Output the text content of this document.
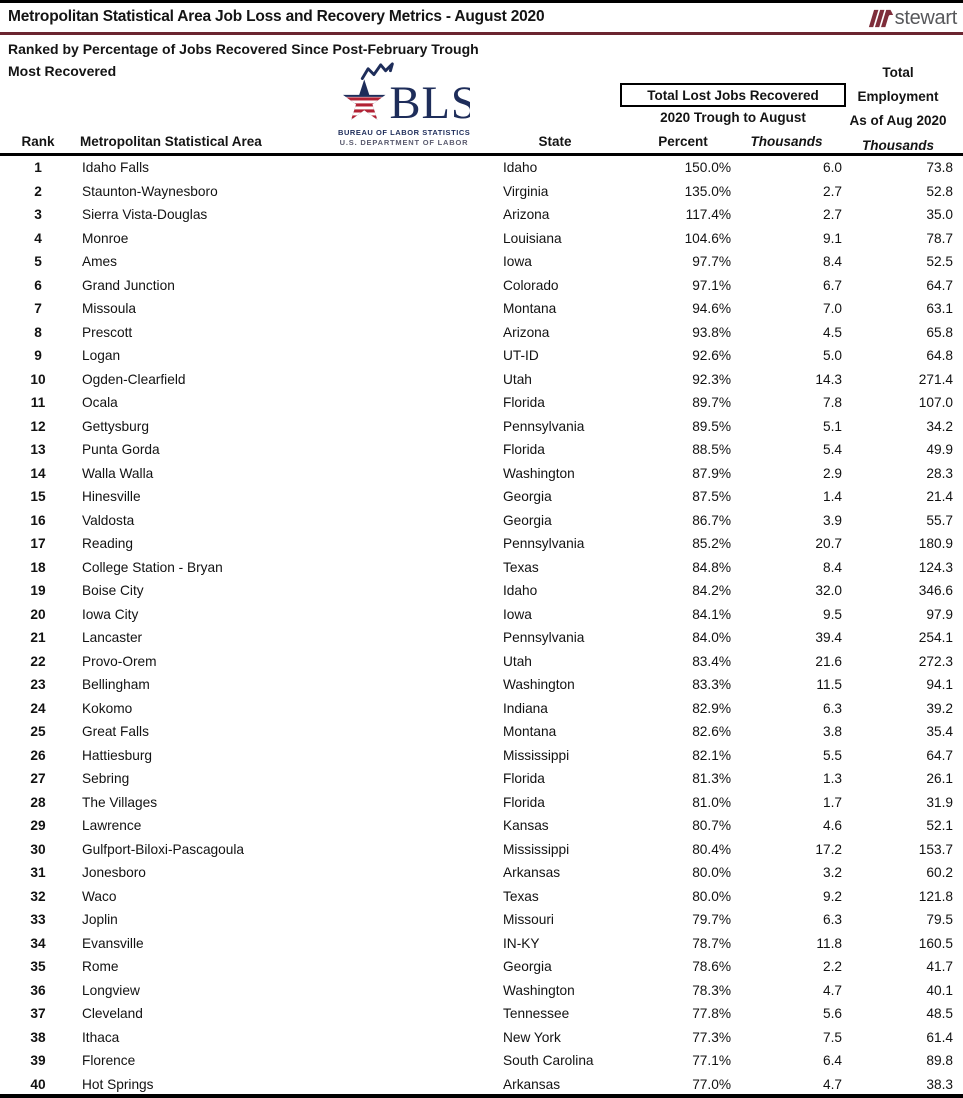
Metropolitan Statistical Area Job Loss and Recovery Metrics - August 2020	stewart
Ranked by Percentage of Jobs Recovered Since Post-February Trough
Most Recovered
BLS
BUREAU OF LABOR STATISTICS
U.S. DEPARTMENT OF LABOR
Total Lost Jobs Recovered
2020 Trough to August
Total
Employment
As of Aug 2020
Thousands
Rank	Metropolitan Statistical Area	State	Percent	Thousands
1	Idaho Falls	Idaho	150.0%	6.0	73.8
2	Staunton-Waynesboro	Virginia	135.0%	2.7	52.8
3	Sierra Vista-Douglas	Arizona	117.4%	2.7	35.0
4	Monroe	Louisiana	104.6%	9.1	78.7
5	Ames	Iowa	97.7%	8.4	52.5
6	Grand Junction	Colorado	97.1%	6.7	64.7
7	Missoula	Montana	94.6%	7.0	63.1
8	Prescott	Arizona	93.8%	4.5	65.8
9	Logan	UT-ID	92.6%	5.0	64.8
10	Ogden-Clearfield	Utah	92.3%	14.3	271.4
11	Ocala	Florida	89.7%	7.8	107.0
12	Gettysburg	Pennsylvania	89.5%	5.1	34.2
13	Punta Gorda	Florida	88.5%	5.4	49.9
14	Walla Walla	Washington	87.9%	2.9	28.3
15	Hinesville	Georgia	87.5%	1.4	21.4
16	Valdosta	Georgia	86.7%	3.9	55.7
17	Reading	Pennsylvania	85.2%	20.7	180.9
18	College Station - Bryan	Texas	84.8%	8.4	124.3
19	Boise City	Idaho	84.2%	32.0	346.6
20	Iowa City	Iowa	84.1%	9.5	97.9
21	Lancaster	Pennsylvania	84.0%	39.4	254.1
22	Provo-Orem	Utah	83.4%	21.6	272.3
23	Bellingham	Washington	83.3%	11.5	94.1
24	Kokomo	Indiana	82.9%	6.3	39.2
25	Great Falls	Montana	82.6%	3.8	35.4
26	Hattiesburg	Mississippi	82.1%	5.5	64.7
27	Sebring	Florida	81.3%	1.3	26.1
28	The Villages	Florida	81.0%	1.7	31.9
29	Lawrence	Kansas	80.7%	4.6	52.1
30	Gulfport-Biloxi-Pascagoula	Mississippi	80.4%	17.2	153.7
31	Jonesboro	Arkansas	80.0%	3.2	60.2
32	Waco	Texas	80.0%	9.2	121.8
33	Joplin	Missouri	79.7%	6.3	79.5
34	Evansville	IN-KY	78.7%	11.8	160.5
35	Rome	Georgia	78.6%	2.2	41.7
36	Longview	Washington	78.3%	4.7	40.1
37	Cleveland	Tennessee	77.8%	5.6	48.5
38	Ithaca	New York	77.3%	7.5	61.4
39	Florence	South Carolina	77.1%	6.4	89.8
40	Hot Springs	Arkansas	77.0%	4.7	38.3
